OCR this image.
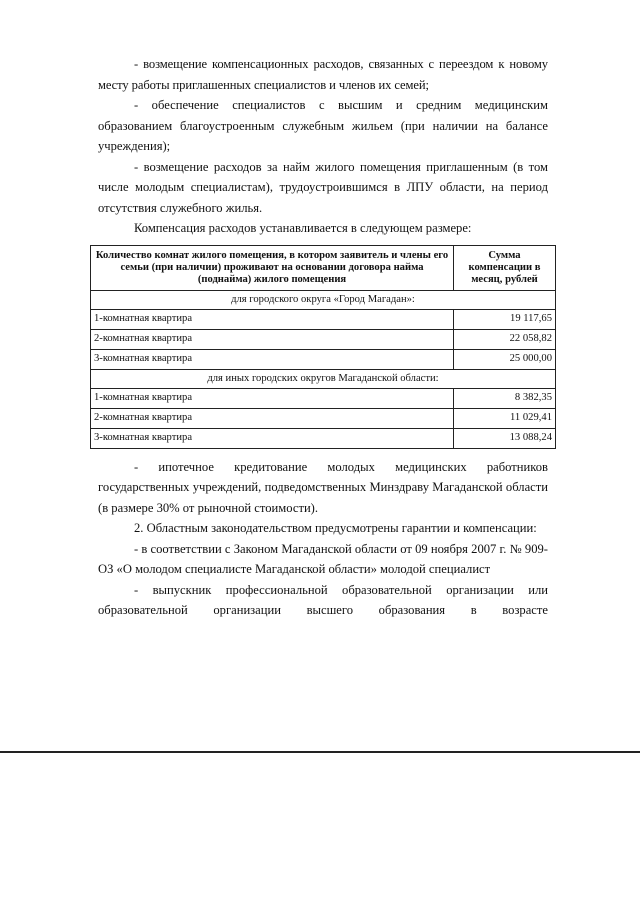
- возмещение компенсационных расходов, связанных с переездом к новому месту работы приглашенных специалистов и членов их семей;

- обеспечение специалистов с высшим и средним медицинским образованием благоустроенным служебным жильем (при наличии на балансе учреждения);

- возмещение расходов за найм жилого помещения приглашенным (в том числе молодым специалистам), трудоустроившимся в ЛПУ области, на период отсутствия служебного жилья.

Компенсация расходов устанавливается в следующем размере:

Количество комнат жилого помещения, в котором заявитель и члены его семьи (при наличии) проживают на основании договора найма (поднайма) жилого помещения	Сумма компенсации в месяц, рублей
для городского округа «Город Магадан»:	
1-комнатная квартира	19 117,65
2-комнатная квартира	22 058,82
3-комнатная квартира	25 000,00
для иных городских округов Магаданской области:	
1-комнатная квартира	8 382,35
2-комнатная квартира	11 029,41
3-комнатная квартира	13 088,24

- ипотечное кредитование молодых медицинских работников государственных учреждений, подведомственных Минздраву Магаданской области (в размере 30% от рыночной стоимости).

2. Областным законодательством предусмотрены гарантии и компенсации:

- в соответствии с Законом Магаданской области от 09 ноября 2007 г. № 909-ОЗ «О молодом специалисте Магаданской области» молодой специалист

- выпускник профессиональной образовательной организации или образовательной организации высшего образования в возрасте
